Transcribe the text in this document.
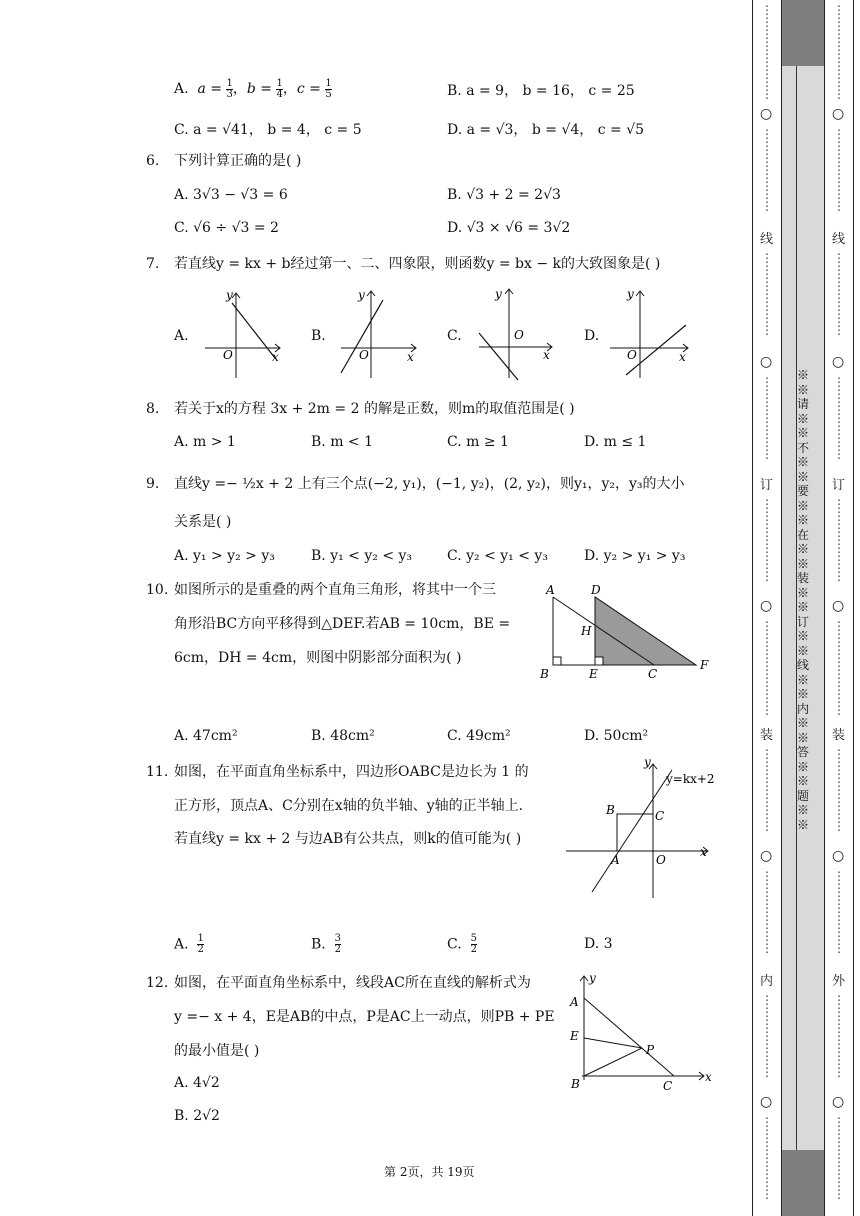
A.  $a = \frac{1}{3}$ ，$b = \frac{1}{4}$ ，$c = \frac{1}{5}$	B. a = 9， b = 16， c = 25
C. a = √41， b = 4， c = 5	D. a = √3， b = √4， c = √5
6. 下列计算正确的是( )
A. 3√3 − √3 = 6	B. √3 + 2 = 2√3
C. √6 ÷ √3 = 2	D. √3 × √6 = 3√2
7. 若直线y = kx + b经过第一、二、四象限，则函数y = bx − k的大致图象是( )
A.	B.	C.	D.
y
O	x
y
O	x
y
O
x
y
O	x
8. 若关于x的方程 3x + 2m = 2 的解是正数，则m的取值范围是( )
A. m > 1	B. m < 1	C. m ≥ 1	D. m ≤ 1
9. 直线y =− ½x + 2 上有三个点(−2, y₁)，(−1, y₂)，(2, y₂)，则y₁，y₂，y₃的大小
关系是( )
A. y₁ > y₂ > y₃	B. y₁ < y₂ < y₃ C. y₂ < y₁ < y₃	D. y₂ > y₁ > y₃
10. 如图所示的是重叠的两个直角三角形，将其中一个三
角形沿BC方向平移得到△DEF.若AB = 10cm，BE =
6cm，DH = 4cm，则图中阴影部分面积为( )
A	D
H
B	E	C
F
A. 47cm²	B. 48cm²	C. 49cm²	D. 50cm²
11. 如图，在平面直角坐标系中，四边形OABC是边长为 1 的
正方形，顶点A、C分别在x轴的负半轴、y轴的正半轴上.
若直线y = kx + 2 与边AB有公共点，则k的值可能为( )
y
y=kx+2
B	C
A	O
x
A. $\frac{1}{2}$	B. $\frac{3}{2}$	C. $\frac{5}{2}$	D. 3
12. 如图，在平面直角坐标系中，线段AC所在直线的解析式为
y =− x + 4，E是AB的中点，P是AC上一动点，则PB + PE
的最小值是( )
A. 4√2
B. 2√2
y
A
E
P
B	C
x
第 2页，共 19页
※※请※※不※※要※※在※※装※※订※※线※※内※※答※※题※※
⋮
⋮
⋮
⋮
⋮
⋮
⋮
⋮
○
⋮
⋮
⋮
⋮
⋮
⋮
⋮
线
⋮
⋮
⋮
⋮
⋮
⋮
⋮
○
⋮
⋮
⋮
⋮
⋮
⋮
⋮
订
⋮
⋮
⋮
⋮
⋮
⋮
⋮
○
⋮
⋮
⋮
⋮
⋮
⋮
⋮
⋮
装
⋮
⋮
⋮
⋮
⋮
⋮
⋮
○
⋮
⋮
⋮
⋮
⋮
⋮
⋮
内
⋮
⋮
⋮
⋮
⋮
⋮
⋮
○
⋮
⋮
⋮
⋮
⋮
⋮
⋮
⋮
⋮
⋮
⋮
⋮
⋮
⋮
⋮
○
⋮
⋮
⋮
⋮
⋮
⋮
⋮
线
⋮
⋮
⋮
⋮
⋮
⋮
⋮
○
⋮
⋮
⋮
⋮
⋮
⋮
⋮
订
⋮
⋮
⋮
⋮
⋮
⋮
⋮
○
⋮
⋮
⋮
⋮
⋮
⋮
⋮
⋮
装
⋮
⋮
⋮
⋮
⋮
⋮
⋮
○
⋮
⋮
⋮
⋮
⋮
⋮
⋮
外
⋮
⋮
⋮
⋮
⋮
⋮
⋮
○
⋮
⋮
⋮
⋮
⋮
⋮
⋮
